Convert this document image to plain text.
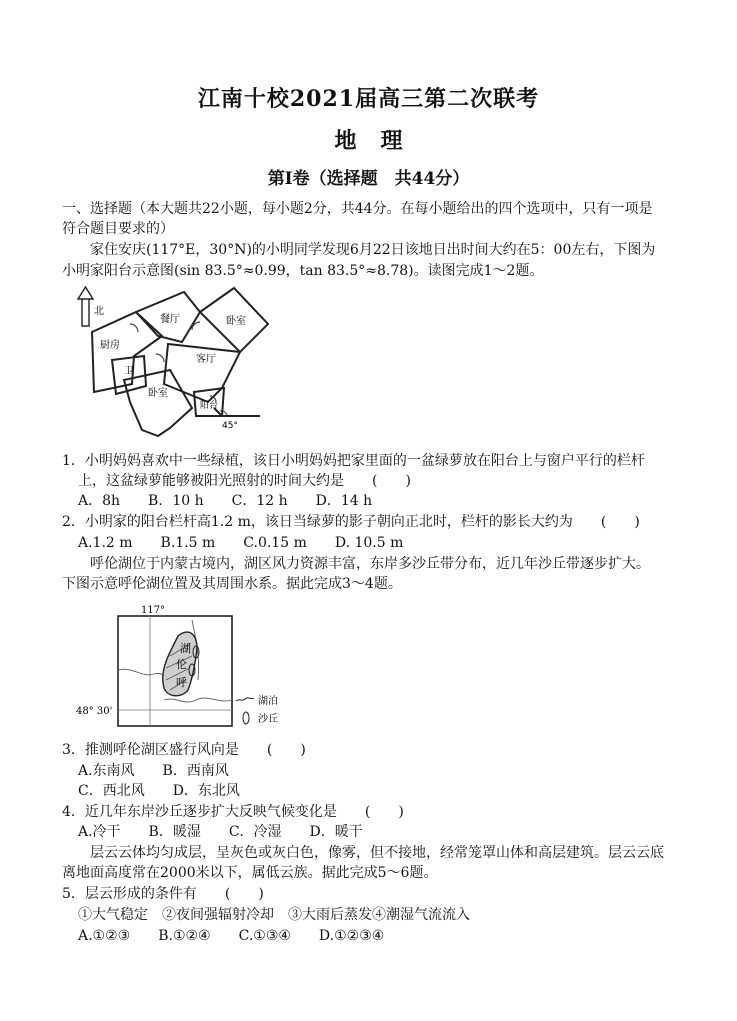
江南十校2021届高三第二次联考
地 理
第Ⅰ卷（选择题　共44分）
一、选择题（本大题共22小题，每小题2分，共44分。在每小题给出的四个选项中，只有一项是
符合题目要求的）
家住安庆(117°E，30°N)的小明同学发现6月22日该地日出时间大约在5：00左右，下图为
小明家阳台示意图(sin 83.5°≈0.99，tan 83.5°≈8.78)。读图完成1～2题。
北
餐厅	卧室
厨房
客厅
卫
卧室
阳台
45°
1．小明妈妈喜欢中一些绿植，该日小明妈妈把家里面的一盆绿萝放在阳台上与窗户平行的栏杆
上，这盆绿萝能够被阳光照射的时间大约是　　(　　)
A．8h　　B．10 h　　C．12 h　　D．14 h
2．小明家的阳台栏杆高1.2 m，该日当绿萝的影子朝向正北时，栏杆的影长大约为　　(　　)
A.1.2 m　　B.1.5 m　　C.0.15 m　　D. 10.5 m
呼伦湖位于内蒙古境内，湖区风力资源丰富，东岸多沙丘带分布，近几年沙丘带逐步扩大。
下图示意呼伦湖位置及其周围水系。据此完成3～4题。
117°
湖
伦
呼
48° 30'
湖泊
沙丘
3．推测呼伦湖区盛行风向是　　(　　)
A.东南风　　B．西南风
C．西北风　　D．东北风
4．近几年东岸沙丘逐步扩大反映气候变化是　　(　　)
A.冷干　　B．暖湿　　C．冷湿　　D．暖干
层云云体均匀成层，呈灰色或灰白色，像雾，但不接地，经常笼罩山体和高层建筑。层云云底
离地面高度常在2000米以下，属低云族。据此完成5～6题。
5．层云形成的条件有　　(　　)
①大气稳定　②夜间强辐射冷却　③大雨后蒸发④潮湿气流流入
A.①②③　　B.①②④　　C.①③④　　D.①②③④
